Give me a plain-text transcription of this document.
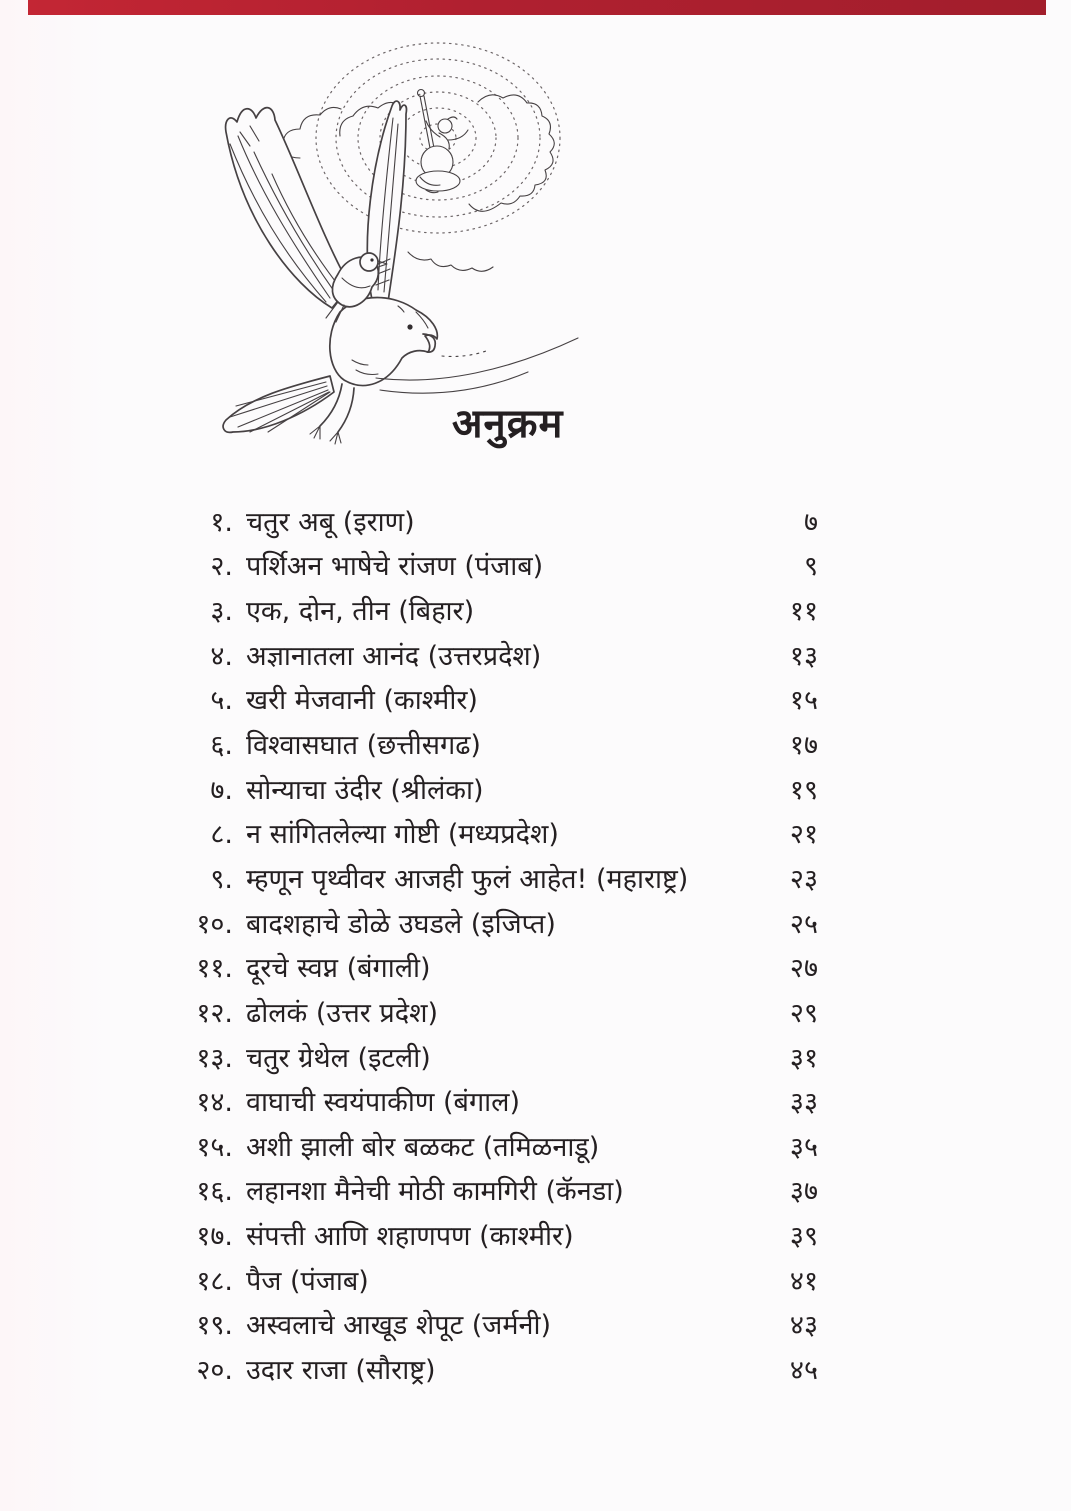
अनुक्रम
१. चतुर अबू (इराण)	७
२. पर्शिअन भाषेचे रांजण (पंजाब)	९
३. एक, दोन, तीन (बिहार)	११
४. अज्ञानातला आनंद (उत्तरप्रदेश)	१३
५. खरी मेजवानी (काश्मीर)	१५
६. विश्वासघात (छत्तीसगढ)	१७
७. सोन्याचा उंदीर (श्रीलंका)	१९
८. न सांगितलेल्या गोष्टी (मध्यप्रदेश)	२१
९. म्हणून पृथ्वीवर आजही फुलं आहेत! (महाराष्ट्र)	२३
१०. बादशहाचे डोळे उघडले (इजिप्त)	२५
११. दूरचे स्वप्न (बंगाली)	२७
१२. ढोलकं (उत्तर प्रदेश)	२९
१३. चतुर ग्रेथेल (इटली)	३१
१४. वाघाची स्वयंपाकीण (बंगाल)	३३
१५. अशी झाली बोर बळकट (तमिळनाडू)	३५
१६. लहानशा मैनेची मोठी कामगिरी (कॅनडा)	३७
१७. संपत्ती आणि शहाणपण (काश्मीर)	३९
१८. पैज (पंजाब)	४१
१९. अस्वलाचे आखूड शेपूट (जर्मनी)	४३
२०. उदार राजा (सौराष्ट्र)	४५
